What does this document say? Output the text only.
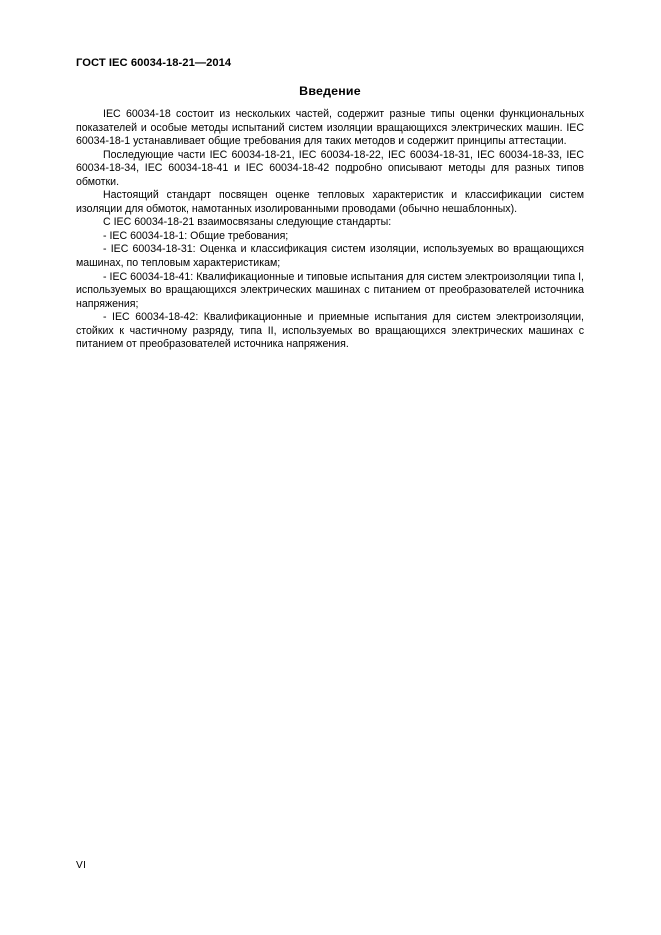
ГОСТ IEC 60034-18-21—2014
Введение

IEC 60034-18 состоит из нескольких частей, содержит разные типы оценки функциональных показателей и особые методы испытаний систем изоляции вращающихся электрических машин. IEC 60034-18-1 устанавливает общие требования для таких методов и содержит принципы аттестации.

Последующие части IEC 60034-18-21, IEC 60034-18-22, IEC 60034-18-31, IEC 60034-18-33, IEC 60034-18-34, IEC 60034-18-41 и IEC 60034-18-42 подробно описывают методы для разных типов обмотки.

Настоящий стандарт посвящен оценке тепловых характеристик и классификации систем изоляции для обмоток, намотанных изолированными проводами (обычно нешаблонных).

С IEC 60034-18-21 взаимосвязаны следующие стандарты:

- IEC 60034-18-1: Общие требования;

- IEC 60034-18-31: Оценка и классификация систем изоляции, используемых во вращающихся машинах, по тепловым характеристикам;

- IEC 60034-18-41: Квалификационные и типовые испытания для систем электроизоляции типа I, используемых во вращающихся электрических машинах с питанием от преобразователей источника напряжения;

- IEC 60034-18-42: Квалификационные и приемные испытания для систем электроизоляции, стойких к частичному разряду, типа II, используемых во вращающихся электрических машинах с питанием от преобразователей источника напряжения.

VI
